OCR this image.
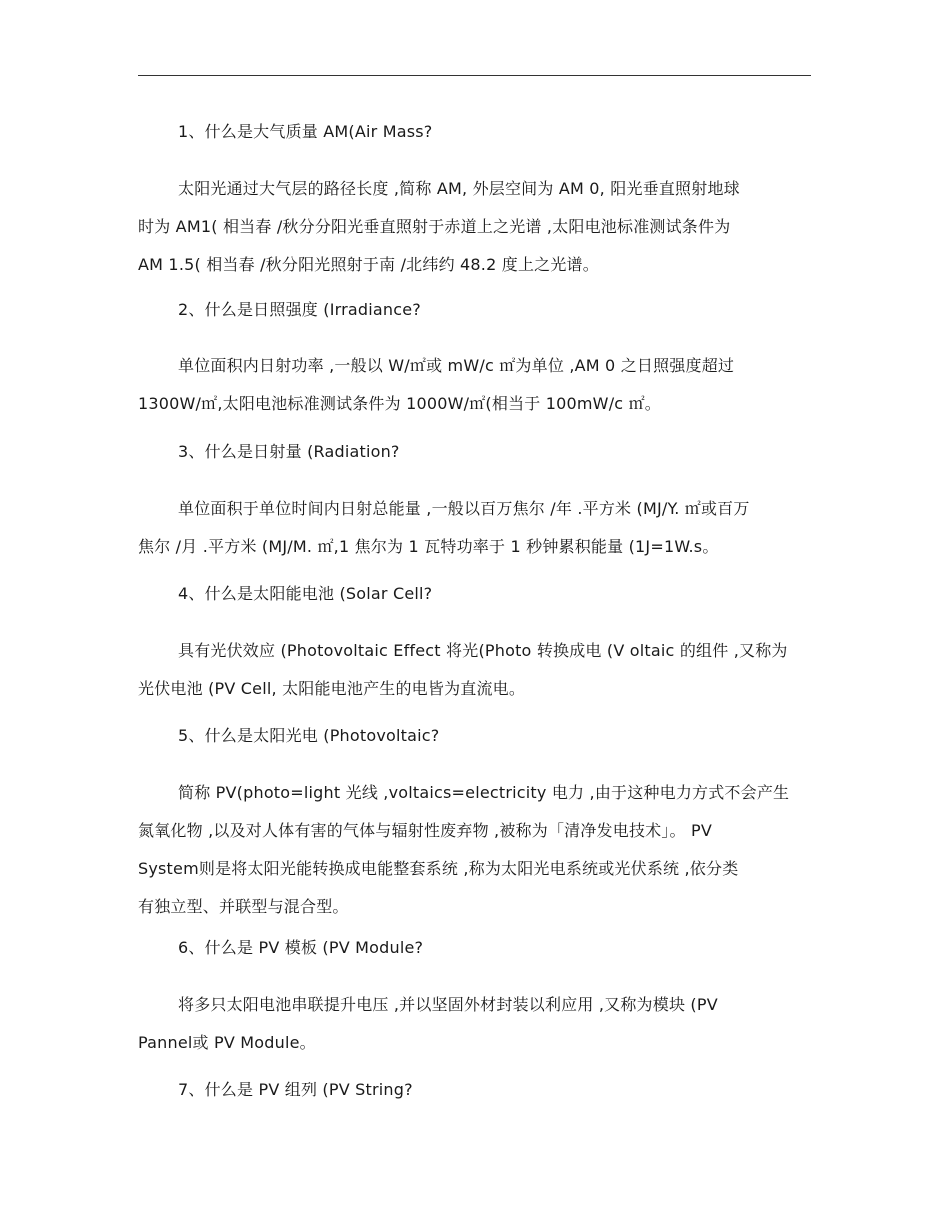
1、什么是大气质量 AM(Air Mass?

太阳光通过大气层的路径长度 ,简称 AM, 外层空间为 AM 0, 阳光垂直照射地球
时为 AM1( 相当春 /秋分分阳光垂直照射于赤道上之光谱 ,太阳电池标准测试条件为
AM 1.5( 相当春 /秋分阳光照射于南 /北纬约 48.2 度上之光谱。

2、什么是日照强度 (Irradiance?

单位面积内日射功率 ,一般以 W/㎡或 mW/c ㎡为单位 ,AM 0 之日照强度超过
1300W/㎡,太阳电池标准测试条件为 1000W/㎡(相当于 100mW/c ㎡。

3、什么是日射量 (Radiation?

单位面积于单位时间内日射总能量 ,一般以百万焦尔 /年 .平方米 (MJ/Y. ㎡或百万
焦尔 /月 .平方米 (MJ/M. ㎡,1 焦尔为 1 瓦特功率于 1 秒钟累积能量 (1J=1W.s。

4、什么是太阳能电池 (Solar Cell?

具有光伏效应 (Photovoltaic Effect 将光(Photo 转换成电 (V oltaic 的组件 ,又称为
光伏电池 (PV Cell, 太阳能电池产生的电皆为直流电。

5、什么是太阳光电 (Photovoltaic?

简称 PV(photo=light 光线 ,voltaics=electricity 电力 ,由于这种电力方式不会产生
氮氧化物 ,以及对人体有害的气体与辐射性废弃物 ,被称为「清净发电技术」。 PV
System则是将太阳光能转换成电能整套系统 ,称为太阳光电系统或光伏系统 ,依分类
有独立型、并联型与混合型。

6、什么是 PV 模板 (PV Module?

将多只太阳电池串联提升电压 ,并以坚固外材封装以利应用 ,又称为模块 (PV
Pannel或 PV Module。

7、什么是 PV 组列 (PV String?
